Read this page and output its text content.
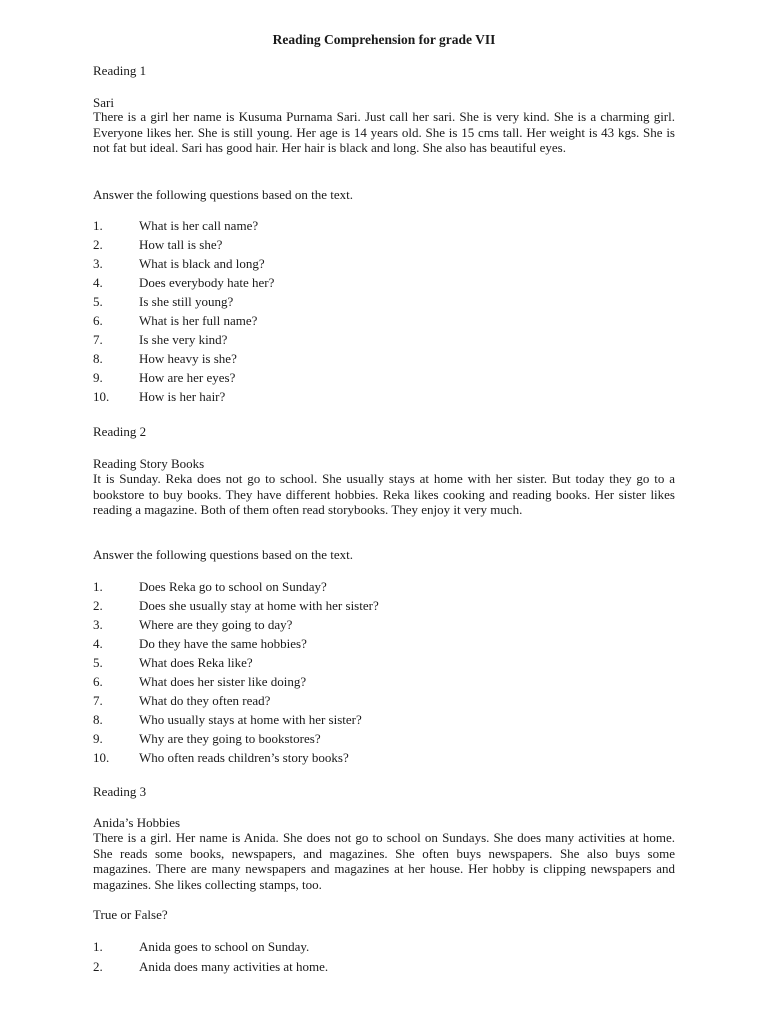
Reading Comprehension for grade VII
Reading 1
Sari
There is a girl her name is Kusuma Purnama Sari. Just call her sari. She is very kind. She is a charming girl. Everyone likes her. She is still young. Her age is 14 years old. She is 15 cms tall. Her weight is 43 kgs. She is not fat but ideal. Sari has good hair. Her hair is black and long. She also has beautiful eyes.
Answer the following questions based on the text.
1.	What is her call name?
2.	How tall is she?
3.	What is black and long?
4.	Does everybody hate her?
5.	Is she still young?
6.	What is her full name?
7.	Is she very kind?
8.	How heavy is she?
9.	How are her eyes?
10. How is her hair?
Reading 2
Reading Story Books
It is Sunday. Reka does not go to school. She usually stays at home with her sister. But today they go to a bookstore to buy books. They have different hobbies. Reka likes cooking and reading books. Her sister likes reading a magazine. Both of them often read storybooks. They enjoy it very much.
Answer the following questions based on the text.
1.	Does Reka go to school on Sunday?
2.	Does she usually stay at home with her sister?
3.	Where are they going to day?
4.	Do they have the same hobbies?
5.	What does Reka like?
6.	What does her sister like doing?
7.	What do they often read?
8.	Who usually stays at home with her sister?
9.	Why are they going to bookstores?
10. Who often reads children’s story books?
Reading 3
Anida’s Hobbies
There is a girl. Her name is Anida. She does not go to school on Sundays. She does many activities at home. She reads some books, newspapers, and magazines. She often buys newspapers. She also buys some magazines. There are many newspapers and magazines at her house. Her hobby is clipping newspapers and magazines. She likes collecting stamps, too.
True or False?
1.	Anida goes to school on Sunday.
2.	Anida does many activities at home.
